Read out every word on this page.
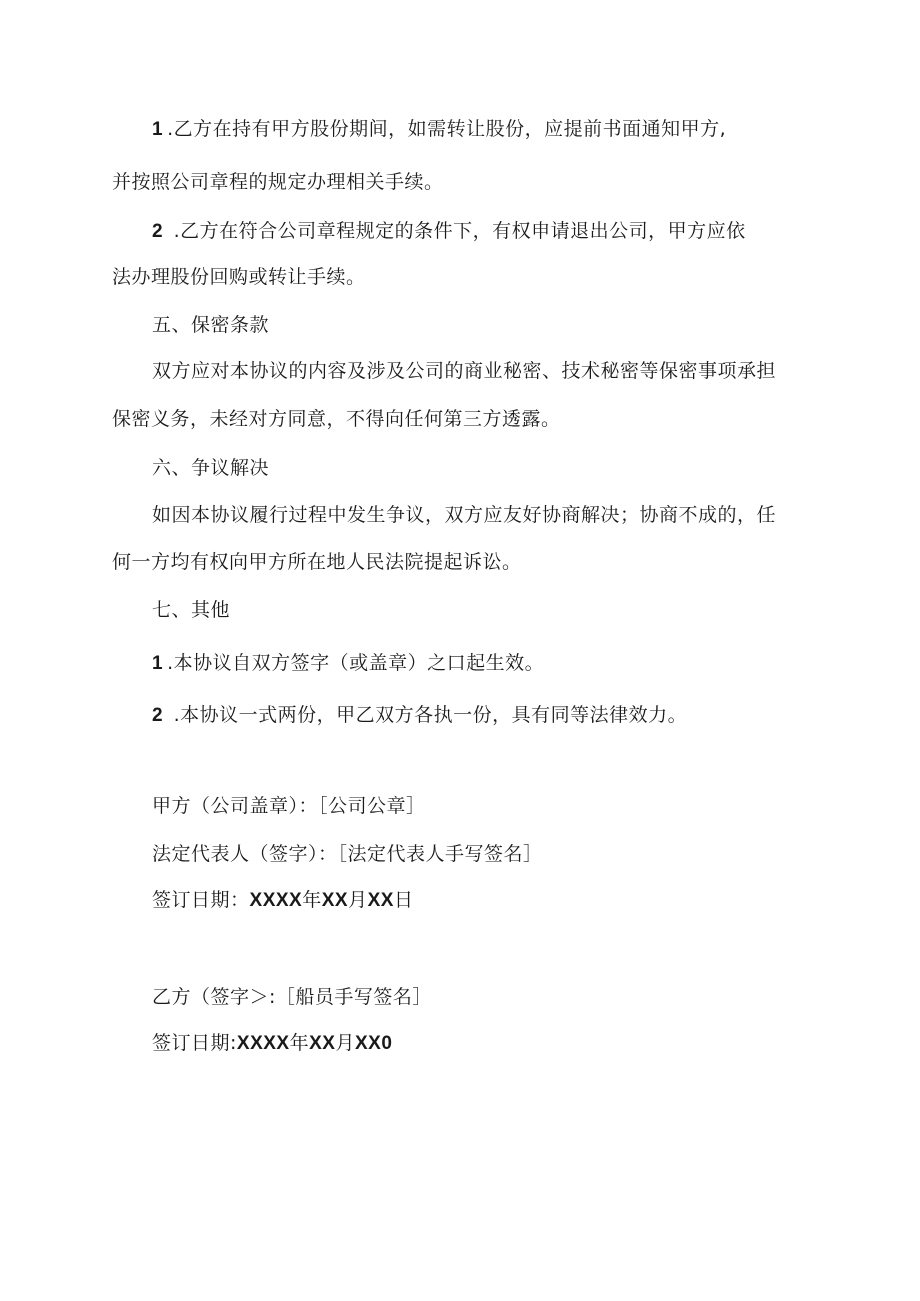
1 .乙方在持有甲方股份期间，如需转让股份，应提前书面通知甲方,
并按照公司章程的规定办理相关手续。
2 .乙方在符合公司章程规定的条件下，有权申请退出公司，甲方应依
法办理股份回购或转让手续。
五、保密条款
双方应对本协议的内容及涉及公司的商业秘密、技术秘密等保密事项承担
保密义务，未经对方同意，不得向任何第三方透露。
六、争议解决
如因本协议履行过程中发生争议，双方应友好协商解决；协商不成的，任
何一方均有权向甲方所在地人民法院提起诉讼。
七、其他
1 .本协议自双方签字（或盖章）之口起生效。
2 .本协议一式两份，甲乙双方各执一份，具有同等法律效力。
甲方（公司盖章）：［公司公章］
法定代表人（签字）：［法定代表人手写签名］
签订日期：XXXX年XX月XX日
乙方（签字＞:［船员手写签名］
签订日期:XXXX年XX月XX0
